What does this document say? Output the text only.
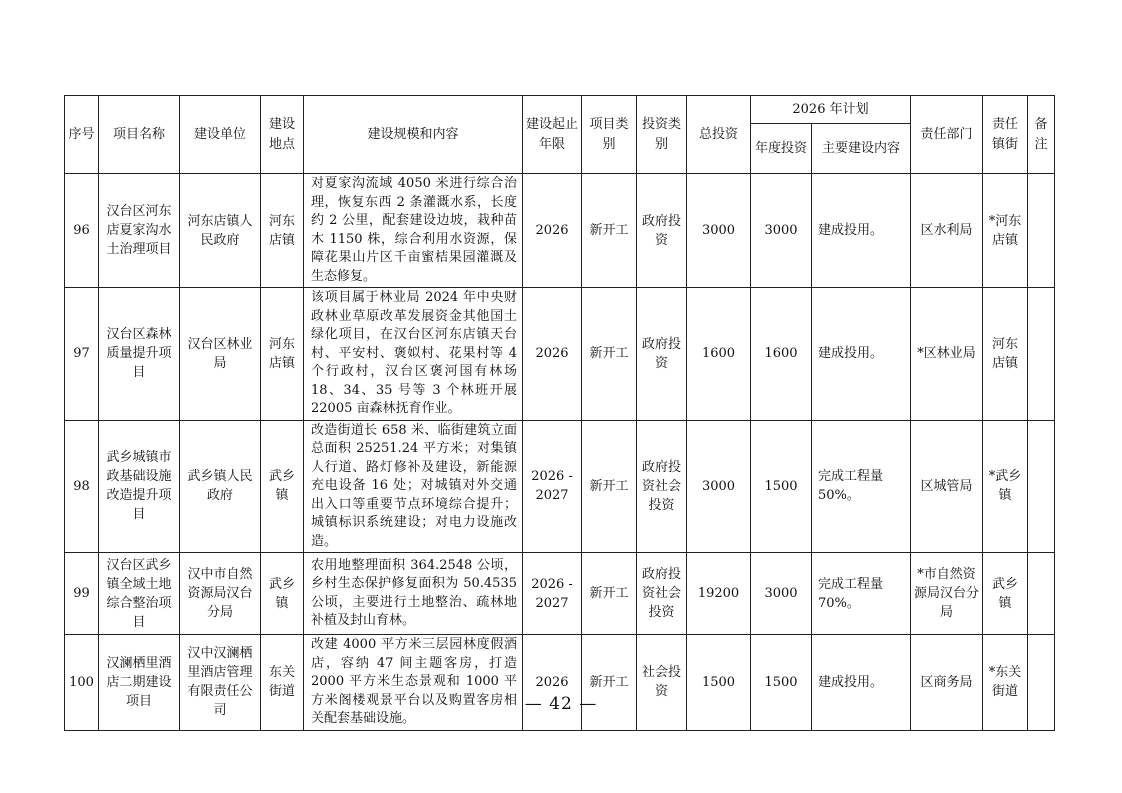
序号	项目名称	建设单位	建设地点	建设规模和内容	建设起止年限	项目类别	投资类别	总投资	2026 年计划		责任部门	责任镇街	备注
									年度投资	主要建设内容			
96	汉台区河东店夏家沟水土治理项目	河东店镇人民政府	河东店镇	对夏家沟流域 4050 米进行综合治理，恢复东西 2 条灌溉水系，长度约 2 公里，配套建设边坡，栽种苗木 1150 株，综合利用水资源，保障花果山片区千亩蜜桔果园灌溉及生态修复。	2026	新开工	政府投资	3000	3000	建成投用。	区水利局	*河东店镇	
97	汉台区森林质量提升项目	汉台区林业局	河东店镇	该项目属于林业局 2024 年中央财政林业草原改革发展资金其他国土绿化项目，在汉台区河东店镇天台村、平安村、褒姒村、花果村等 4 个行政村，汉台区褒河国有林场 18、34、35 号等 3 个林班开展 22005 亩森林抚育作业。	2026	新开工	政府投资	1600	1600	建成投用。	*区林业局	河东店镇	
98	武乡城镇市政基础设施改造提升项目	武乡镇人民政府	武乡镇	改造街道长 658 米、临街建筑立面总面积 25251.24 平方米；对集镇人行道、路灯修补及建设，新能源充电设备 16 处；对城镇对外交通出入口等重要节点环境综合提升；城镇标识系统建设；对电力设施改造。	2026 - 2027	新开工	政府投资社会投资	3000	1500	完成工程量 50%。	区城管局	*武乡镇	
99	汉台区武乡镇全域土地综合整治项目	汉中市自然资源局汉台分局	武乡镇	农用地整理面积 364.2548 公顷，乡村生态保护修复面积为 50.4535 公顷，主要进行土地整治、疏林地补植及封山育林。	2026 - 2027	新开工	政府投资社会投资	19200	3000	完成工程量 70%。	*市自然资源局汉台分局	武乡镇	
100	汉澜栖里酒店二期建设项目	汉中汉澜栖里酒店管理有限责任公司	东关街道	改建 4000 平方米三层园林度假酒店，容纳 47 间主题客房，打造 2000 平方米生态景观和 1000 平方米阁楼观景平台以及购置客房相关配套基础设施。	2026	新开工	社会投资	1500	1500	建成投用。	区商务局	*东关街道	
— 42 —
